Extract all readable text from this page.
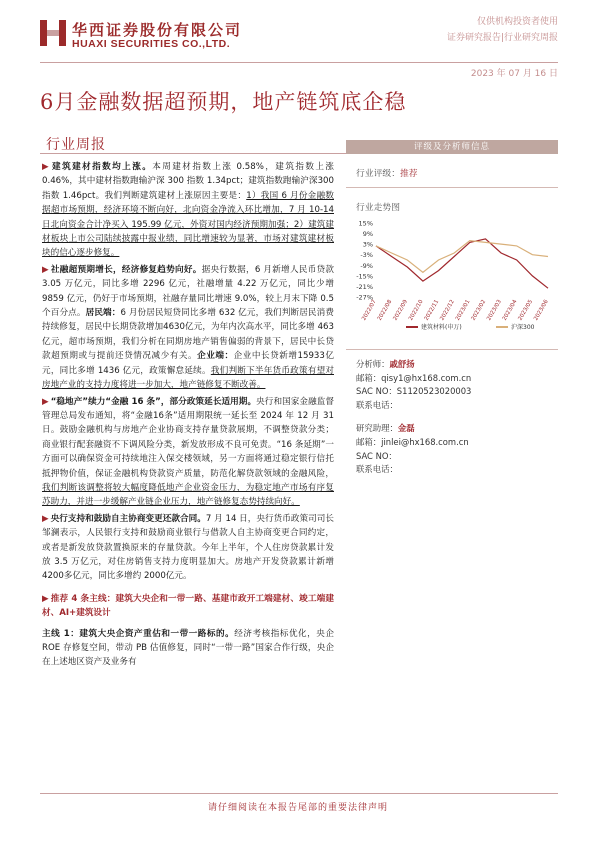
华西证券股份有限公司
HUAXI SECURITIES CO.,LTD.
仅供机构投资者使用
证券研究报告|行业研究周报
2023 年 07 月 16 日
6月金融数据超预期，地产链筑底企稳
行业周报

▶ 建筑建材指数均上涨。本周建材指数上涨 0.58%，建筑指数上涨 0.46%，其中建材指数跑输沪深 300 指数 1.34pct；建筑指数跑输沪深300 指数 1.46pct。我们判断建筑建材上涨原因主要是：1）我国 6 月份金融数据超市场预期，经济环境不断向好，北向资金净流入环比增加，7 月 10-14 日北向资金合计净买入 195.99 亿元，外资对国内经济预期加强；2）建筑建材板块上市公司陆续披露中报业绩，同比增速较为显著，市场对建筑建材板块的信心逐步修复。

▶ 社融超预期增长，经济修复趋势向好。据央行数据，6 月新增人民币贷款 3.05 万亿元，同比多增 2296 亿元，社融增量 4.22 万亿元，同比少增 9859 亿元，仍好于市场预期，社融存量同比增速 9.0%，较上月末下降 0.5 个百分点。居民端：6 月份居民短贷同比多增 632 亿元，我们判断居民消费持续修复，居民中长期贷款增加4630亿元，为年内次高水平，同比多增 463亿元，超市场预期，我们分析在同期房地产销售偏弱的背景下，居民中长贷款超预期或与提前还贷情况减少有关。企业端：企业中长贷新增15933亿元，同比多增 1436 亿元，政策懈怠延续。我们判断下半年货币政策有望对房地产业的支持力度将进一步加大，地产链修复不断改善。

▶ “稳地产”续力“金融 16 条”，部分政策延长适用期。央行和国家金融监督管理总局发布通知，将“金融16条”适用期限统一延长至 2024 年 12 月 31 日。鼓励金融机构与房地产企业协商支持存量贷款展期，不调整贷款分类；商业银行配套融资不下调风险分类，新发放形成不良可免责。“16 条延期”一方面可以确保资金可持续地注入保交楼领域，另一方面将通过稳定银行信托抵押物价值，保证金融机构贷款资产质量，防范化解贷款领域的金融风险，我们判断该调整将较大幅度降低地产企业资金压力，为稳定地产市场有序复苏助力，并进一步缓解产业链企业压力，地产链修复态势持续向好。

▶ 央行支持和鼓励自主协商变更还款合同。7 月 14 日，央行货币政策司司长邹澜表示，人民银行支持和鼓励商业银行与借款人自主协商变更合同约定，或者是新发放贷款置换原来的存量贷款。今年上半年，个人住房贷款累计发放 3.5 万亿元，对住房销售支持力度明显加大。房地产开发贷款累计新增4200多亿元，同比多增约 2000亿元。

▶ 推荐 4 条主线：建筑大央企和一带一路、基建市政开工端建材、竣工端建材、AI+建筑设计

主线 1：建筑大央企资产重估和一带一路标的。经济考核指标优化，央企 ROE 存修复空间，带动 PB 估值修复，同时“一带一路”国家合作行级，央企在上述地区资产及业务有

评级及分析师信息
行业评级：推荐
行业走势图
15%
9%
3%
-3%
-9%
-15%
-21%
-27%
2022/07 2022/08 2022/09 2022/10 2022/11 2022/12 2023/01 2023/02 2023/03 2023/04 2023/05 2023/06
建筑材料(申万)	沪深300
分析师：戚舒扬
邮箱：qisy1@hx168.com.cn
SAC NO：S1120523020003
联系电话：
研究助理：金磊
邮箱：jinlei@hx168.com.cn
SAC NO：
联系电话：
请仔细阅读在本报告尾部的重要法律声明
